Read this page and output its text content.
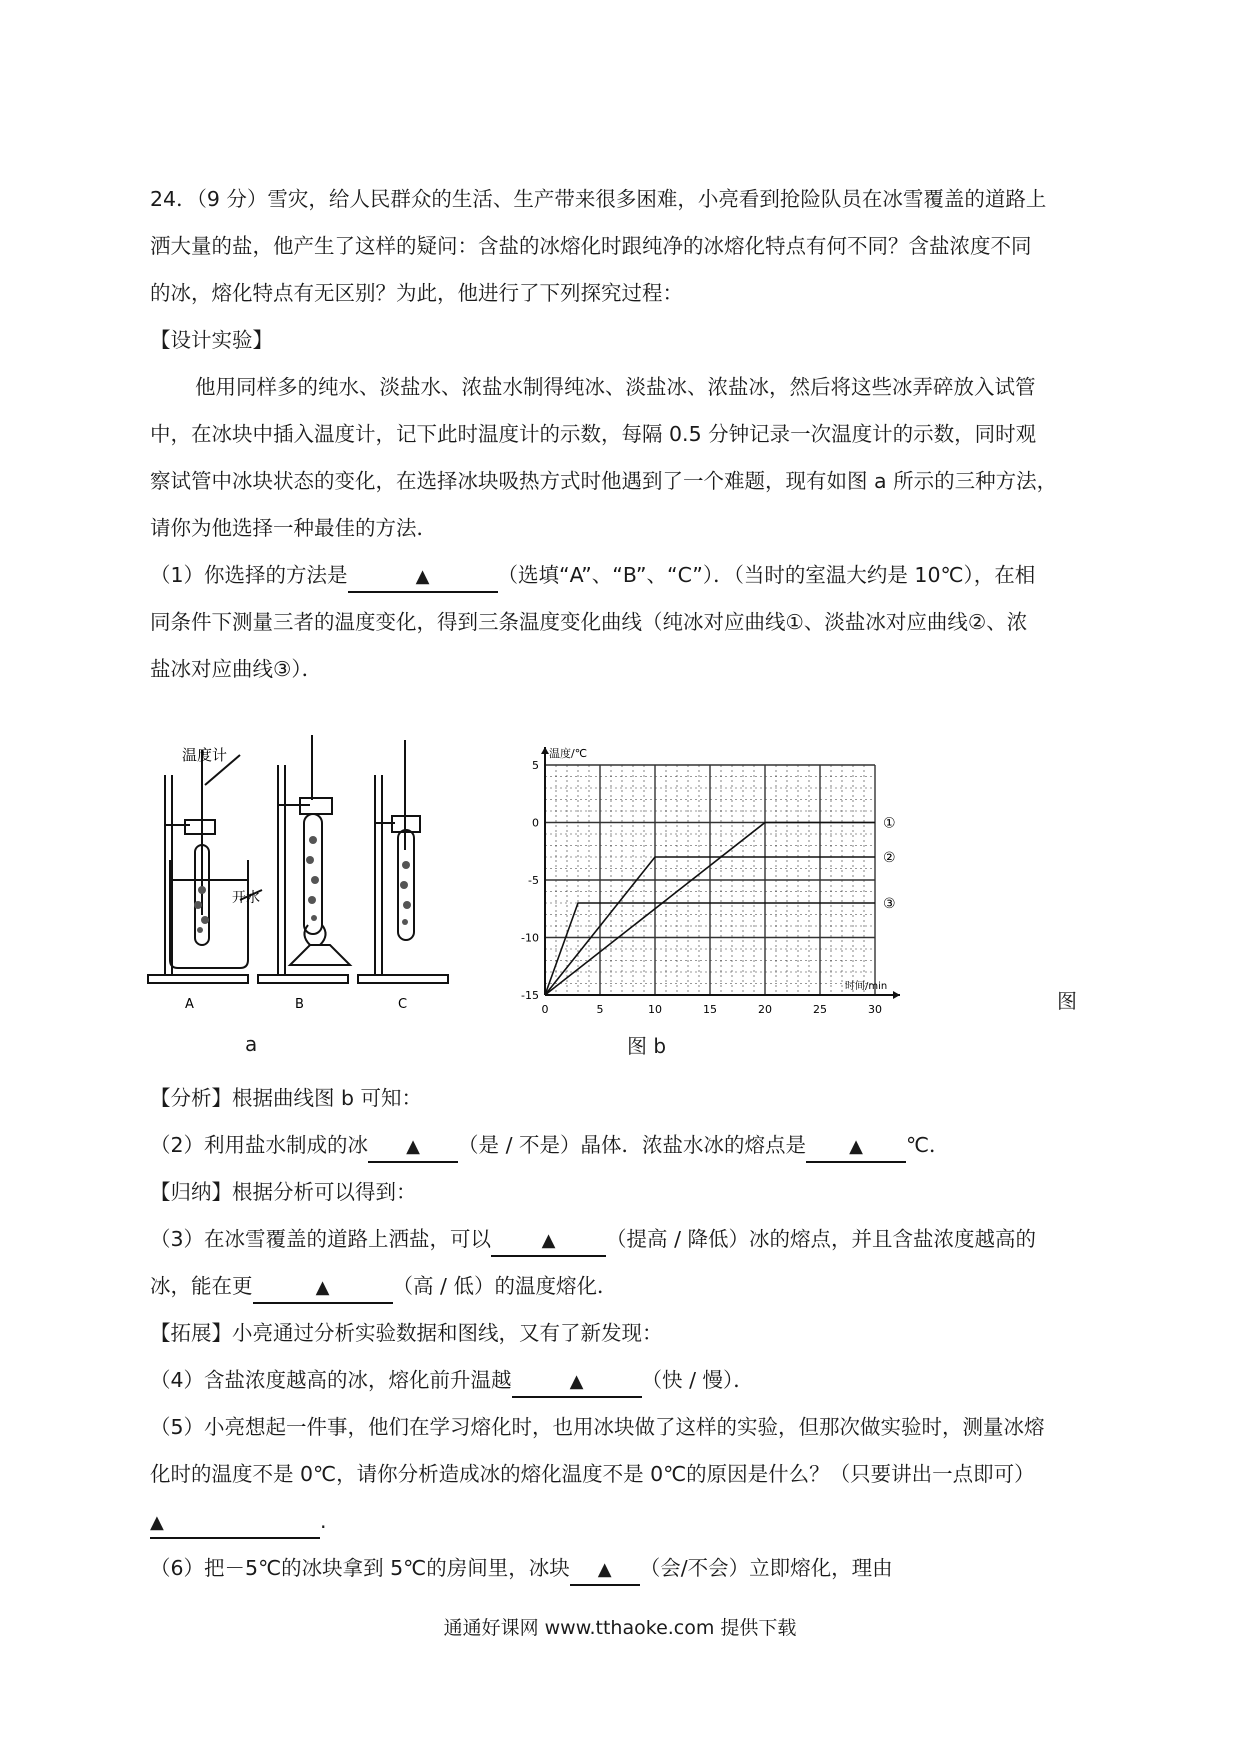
24．（9 分）雪灾，给人民群众的生活、生产带来很多困难，小亮看到抢险队员在冰雪覆盖的道路上
洒大量的盐，他产生了这样的疑问：含盐的冰熔化时跟纯净的冰熔化特点有何不同？含盐浓度不同
的冰，熔化特点有无区别？为此，他进行了下列探究过程：
【设计实验】
他用同样多的纯水、淡盐水、浓盐水制得纯冰、淡盐冰、浓盐冰，然后将这些冰弄碎放入试管
中，在冰块中插入温度计，记下此时温度计的示数，每隔 0.5 分钟记录一次温度计的示数，同时观
察试管中冰块状态的变化，在选择冰块吸热方式时他遇到了一个难题，现有如图 a 所示的三种方法，
请你为他选择一种最佳的方法．
（1）你选择的方法是	▲	（选填“A”、“B”、“C”）．（当时的室温大约是 10℃），在相
同条件下测量三者的温度变化，得到三条温度变化曲线（纯冰对应曲线①、淡盐冰对应曲线②、浓
盐冰对应曲线③）．
温度计
开水
A	B	C
a
0	5	10	15	20	25	30
5
0
-5
-10
-15
温度/℃
时间/min
①
②
③
图
图 b
【分析】根据曲线图 b 可知：
（2）利用盐水制成的冰 ▲ （是 / 不是）晶体．浓盐水冰的熔点是 ▲ ℃．
【归纳】根据分析可以得到：
（3）在冰雪覆盖的道路上洒盐，可以	▲ （提高 / 降低）冰的熔点，并且含盐浓度越高的
冰，能在更	▲	（高 / 低）的温度熔化．
【拓展】小亮通过分析实验数据和图线，又有了新发现：
（4）含盐浓度越高的冰，熔化前升温越	▲	（快 / 慢）．
（5）小亮想起一件事，他们在学习熔化时，也用冰块做了这样的实验，但那次做实验时，测量冰熔
化时的温度不是 0℃，请你分析造成冰的熔化温度不是 0℃的原因是什么？（只要讲出一点即可）
▲	.
（6）把－5℃的冰块拿到 5℃的房间里，冰块 ▲ （会/不会）立即熔化，理由
通通好课网 www.tthaoke.com 提供下载
